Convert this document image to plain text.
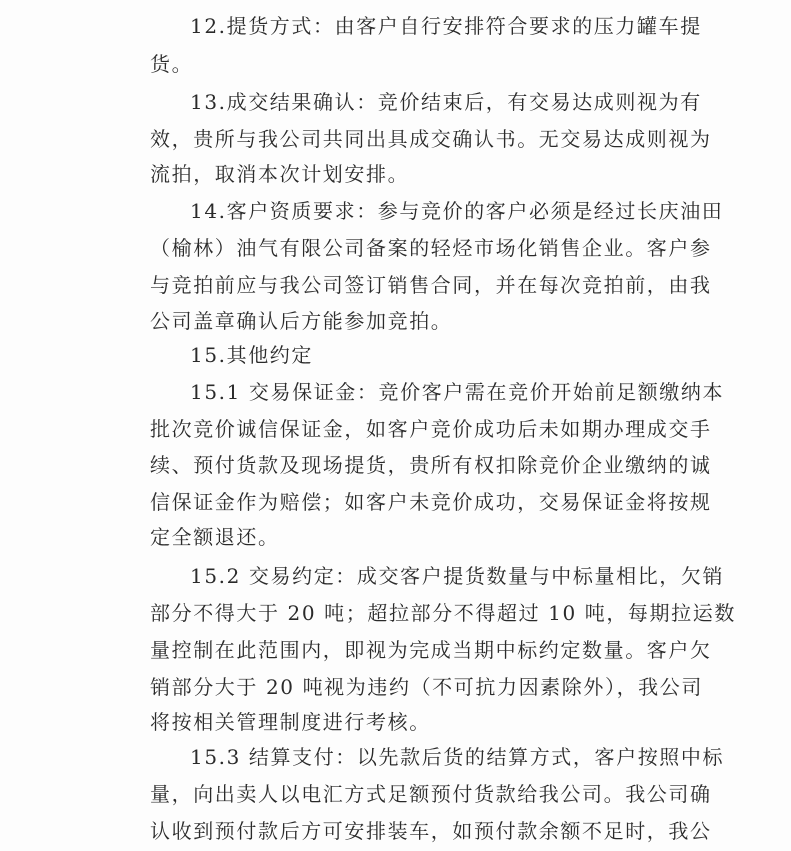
12.提货方式：由客户自行安排符合要求的压力罐车提
货。
13.成交结果确认：竞价结束后，有交易达成则视为有
效，贵所与我公司共同出具成交确认书。无交易达成则视为
流拍，取消本次计划安排。
14.客户资质要求：参与竞价的客户必须是经过长庆油田
（榆林）油气有限公司备案的轻烃市场化销售企业。客户参
与竞拍前应与我公司签订销售合同，并在每次竞拍前，由我
公司盖章确认后方能参加竞拍。
15.其他约定
15.1 交易保证金：竞价客户需在竞价开始前足额缴纳本
批次竞价诚信保证金，如客户竞价成功后未如期办理成交手
续、预付货款及现场提货，贵所有权扣除竞价企业缴纳的诚
信保证金作为赔偿；如客户未竞价成功，交易保证金将按规
定全额退还。
15.2 交易约定：成交客户提货数量与中标量相比，欠销
部分不得大于 20 吨；超拉部分不得超过 10 吨，每期拉运数
量控制在此范围内，即视为完成当期中标约定数量。客户欠
销部分大于 20 吨视为违约（不可抗力因素除外），我公司
将按相关管理制度进行考核。
15.3 结算支付：以先款后货的结算方式，客户按照中标
量，向出卖人以电汇方式足额预付货款给我公司。我公司确
认收到预付款后方可安排装车，如预付款余额不足时，我公
